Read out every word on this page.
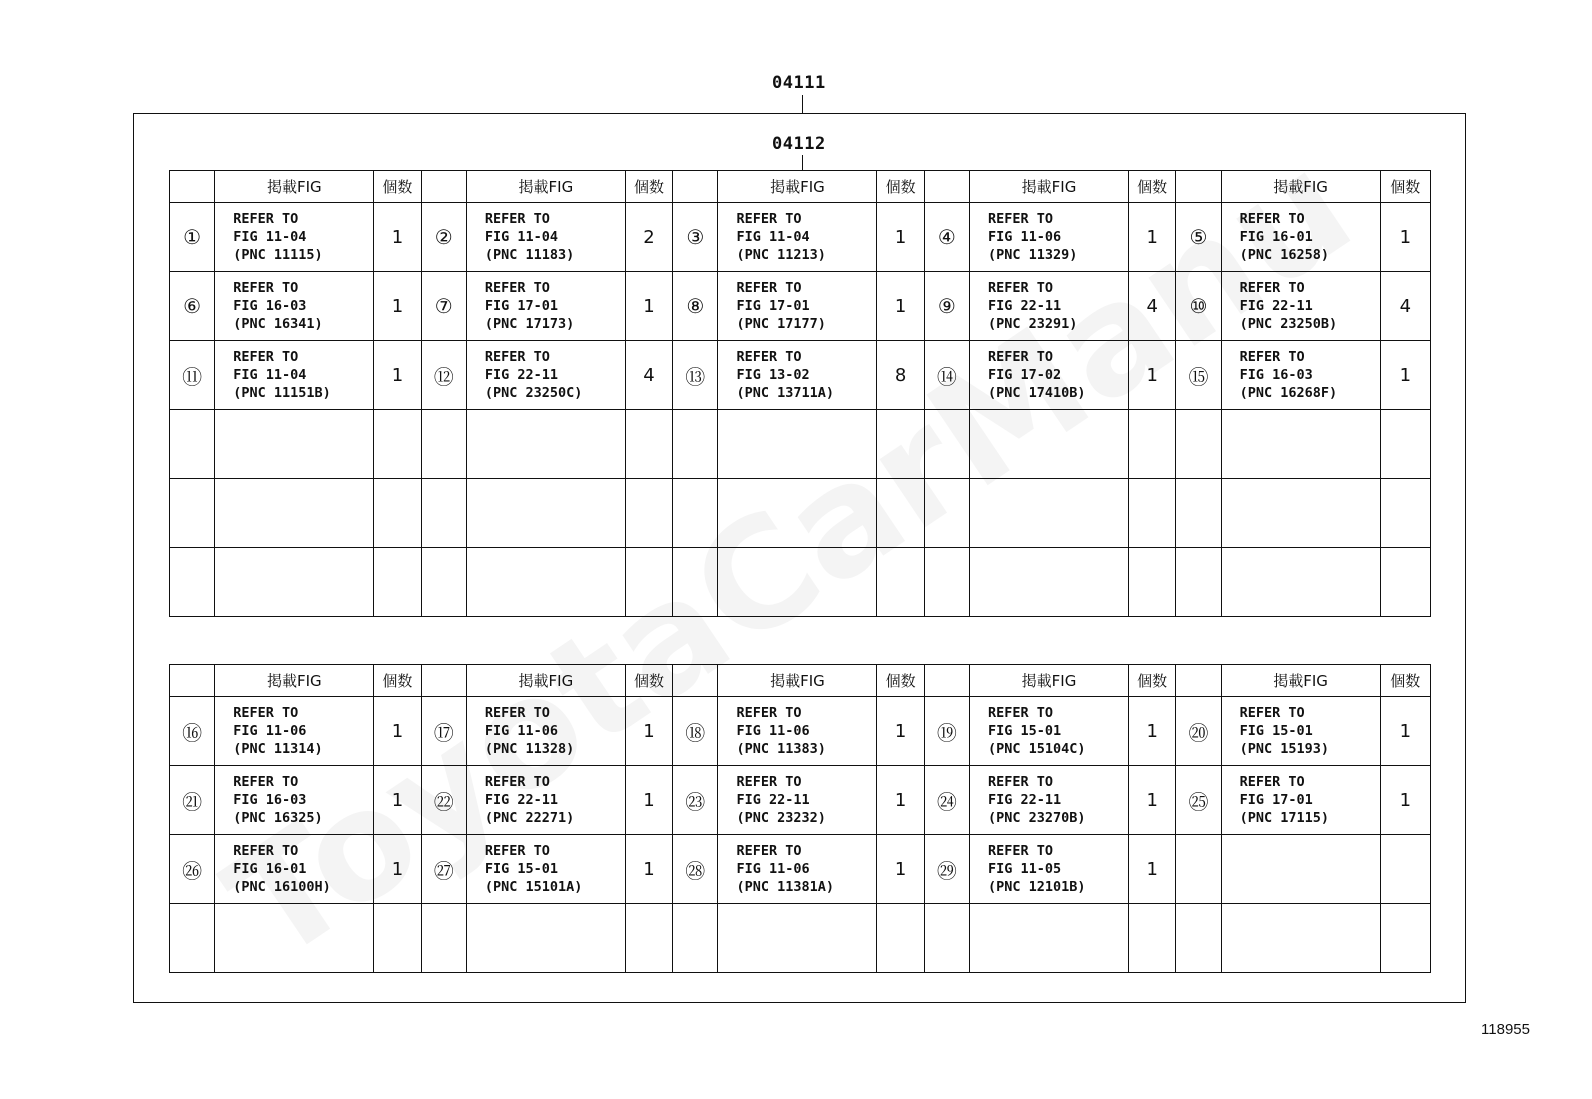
04111
04112
	掲載FIG	個数		掲載FIG	個数		掲載FIG	個数		掲載FIG	個数		掲載FIG	個数
①	REFER TO
FIG 11-04
(PNC 11115)	1	②	REFER TO
FIG 11-04
(PNC 11183)	2	③	REFER TO
FIG 11-04
(PNC 11213)	1	④	REFER TO
FIG 11-06
(PNC 11329)	1	⑤	REFER TO
FIG 16-01
(PNC 16258)	1
⑥	REFER TO
FIG 16-03
(PNC 16341)	1	⑦	REFER TO
FIG 17-01
(PNC 17173)	1	⑧	REFER TO
FIG 17-01
(PNC 17177)	1	⑨	REFER TO
FIG 22-11
(PNC 23291)	4	⑩	REFER TO
FIG 22-11
(PNC 23250B)	4
⑪	REFER TO
FIG 11-04
(PNC 11151B)	1	⑫	REFER TO
FIG 22-11
(PNC 23250C)	4	⑬	REFER TO
FIG 13-02
(PNC 13711A)	8	⑭	REFER TO
FIG 17-02
(PNC 17410B)	1	⑮	REFER TO
FIG 16-03
(PNC 16268F)	1

	掲載FIG	個数		掲載FIG	個数		掲載FIG	個数		掲載FIG	個数		掲載FIG	個数
⑯	REFER TO
FIG 11-06
(PNC 11314)	1	⑰	REFER TO
FIG 11-06
(PNC 11328)	1	⑱	REFER TO
FIG 11-06
(PNC 11383)	1	⑲	REFER TO
FIG 15-01
(PNC 15104C)	1	⑳	REFER TO
FIG 15-01
(PNC 15193)	1
㉑	REFER TO
FIG 16-03
(PNC 16325)	1	㉒	REFER TO
FIG 22-11
(PNC 22271)	1	㉓	REFER TO
FIG 22-11
(PNC 23232)	1	㉔	REFER TO
FIG 22-11
(PNC 23270B)	1	㉕	REFER TO
FIG 17-01
(PNC 17115)	1
㉖	REFER TO
FIG 16-01
(PNC 16100H)	1	㉗	REFER TO
FIG 15-01
(PNC 15101A)	1	㉘	REFER TO
FIG 11-06
(PNC 11381A)	1	㉙	REFER TO
FIG 11-05
(PNC 12101B)	1		

118955
